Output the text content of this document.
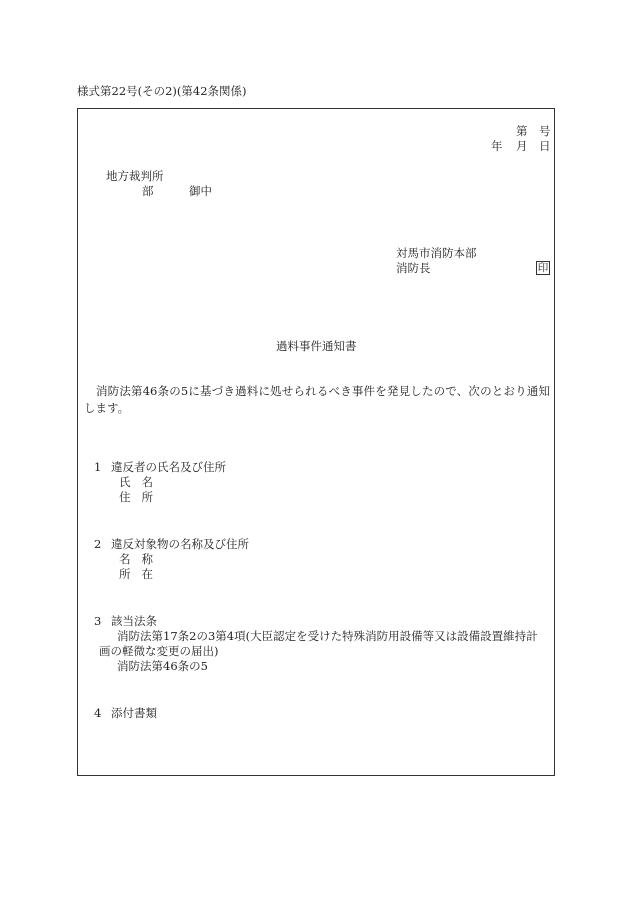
様式第22号(その2)(第42条関係)
第 号
年 月 日
地方裁判所
部	御中
対馬市消防本部
消防長	印
過料事件通知書
消防法第46条の5に基づき過料に処せられるべき事件を発見したので、次のとおり通知します。
1 違反者の氏名及び住所
氏 名
住 所
2 違反対象物の名称及び住所
名 称
所 在
3 該当法条
消防法第17条2の3第4項(大臣認定を受けた特殊消防用設備等又は設備設置維持計
画の軽微な変更の届出)
消防法第46条の5
4 添付書類
